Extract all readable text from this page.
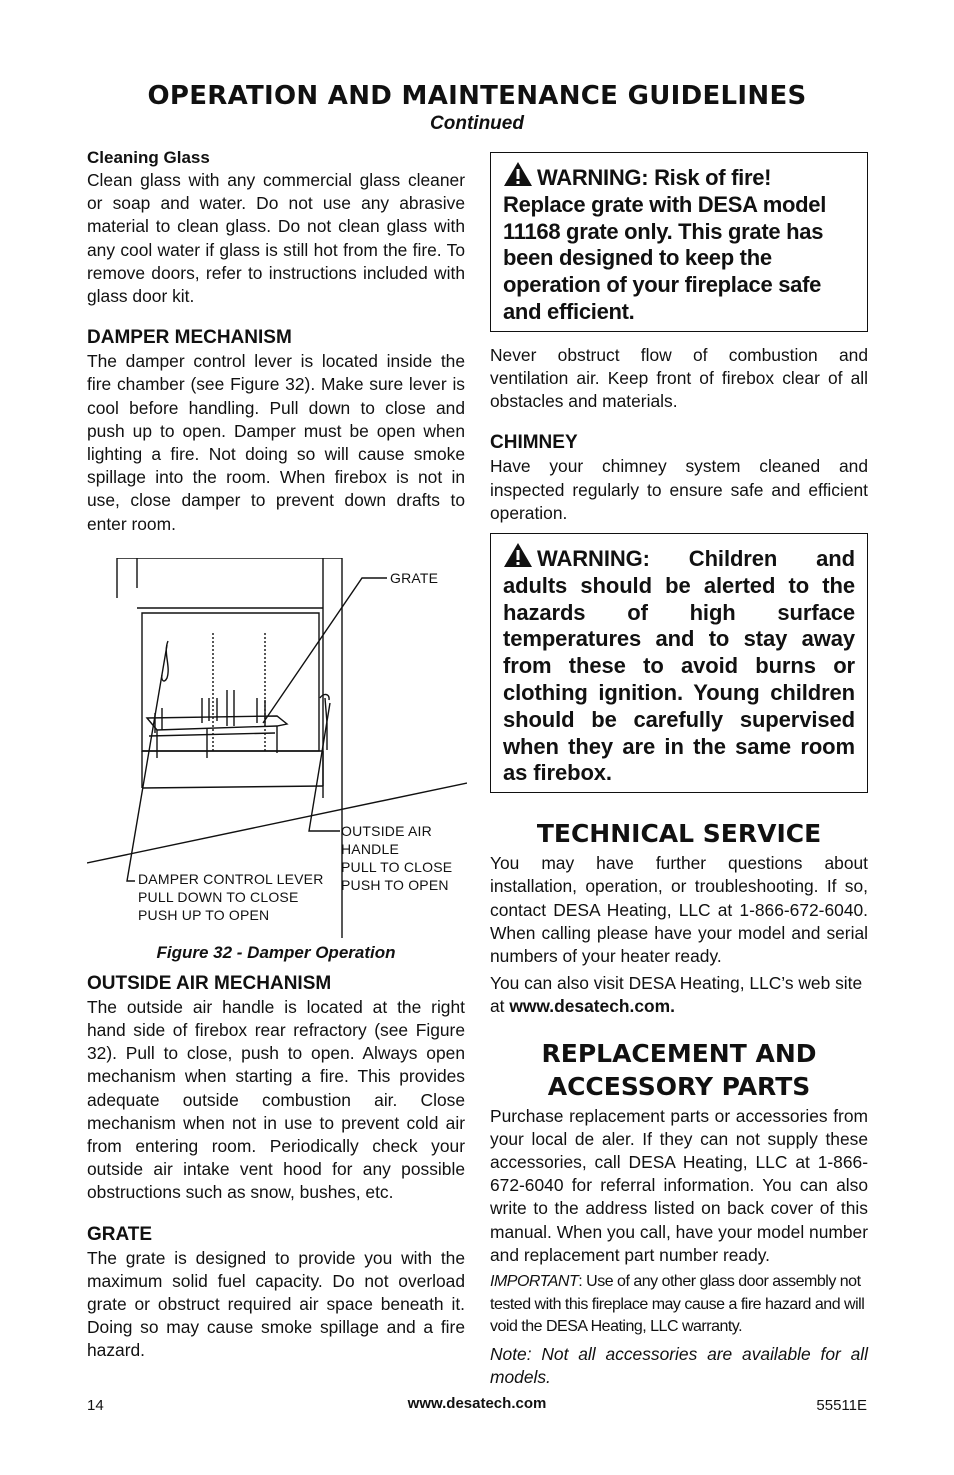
OPERATION AND MAINTENANCE GUIDELINES
Continued
Cleaning Glass

Clean glass with any commercial glass cleaner or soap and water. Do not use any abrasive material to clean glass. Do not clean glass with any cool water if glass is still hot from the fire. To remove doors, refer to instructions included with glass door kit.

DAMPER MECHANISM

The damper control lever is located inside the fire chamber (see Figure 32). Make sure lever is cool before handling. Pull down to close and push up to open. Damper must be open when lighting a fire. Not doing so will cause smoke spillage into the room. When firebox is not in use, close damper to prevent down drafts to enter room.

GRATE
OUTSIDE AIR
HANDLE
PULL TO CLOSE
PUSH TO OPEN
DAMPER CONTROL LEVER
PULL DOWN TO CLOSE
PUSH UP TO OPEN
Figure 32 - Damper Operation
OUTSIDE AIR MECHANISM

The outside air handle is located at the right hand side of firebox rear refractory (see Figure 32). Pull to close, push to open. Always open mechanism when starting a fire. This provides adequate outside combustion air. Close mechanism when not in use to prevent cold air from entering room. Periodically check your outside air intake vent hood for any possible obstructions such as snow, bushes, etc.

GRATE

The grate is designed to provide you with the maximum solid fuel capacity. Do not overload grate or obstruct required air space beneath it. Doing so may cause smoke spillage and a fire hazard.

WARNING: Risk of fire! Replace grate with DESA model 11168 grate only. This grate has been designed to keep the operation of your fireplace safe and efficient.

Never obstruct flow of combustion and ventilation air. Keep front of firebox clear of all obstacles and materials.

CHIMNEY

Have your chimney system cleaned and inspected regularly to ensure safe and efficient operation.

WARNING: Children and adults should be alerted to the hazards of high surface temperatures and to stay away from these to avoid burns or clothing ignition. Young children should be carefully supervised when they are in the same room as firebox.
TECHNICAL SERVICE

You may have further questions about installation, operation, or troubleshooting. If so, contact DESA Heating, LLC at 1-866-672-6040. When calling please have your model and serial numbers of your heater ready.

You can also visit DESA Heating, LLC’s web site at www.desatech.com.

REPLACEMENT AND
ACCESSORY PARTS

Purchase replacement parts or accessories from your local de aler. If they can not supply these accessories, call DESA Heating, LLC at 1-866-672-6040 for referral information. You can also write to the address listed on back cover of this manual. When you call, have your model number and replacement part number ready.

IMPORTANT: Use of any other glass door assembly not tested with this fireplace may cause a fire hazard and will void the DESA Heating, LLC warranty.

Note: Not all accessories are available for all models.

14	www.desatech.com	55511E
